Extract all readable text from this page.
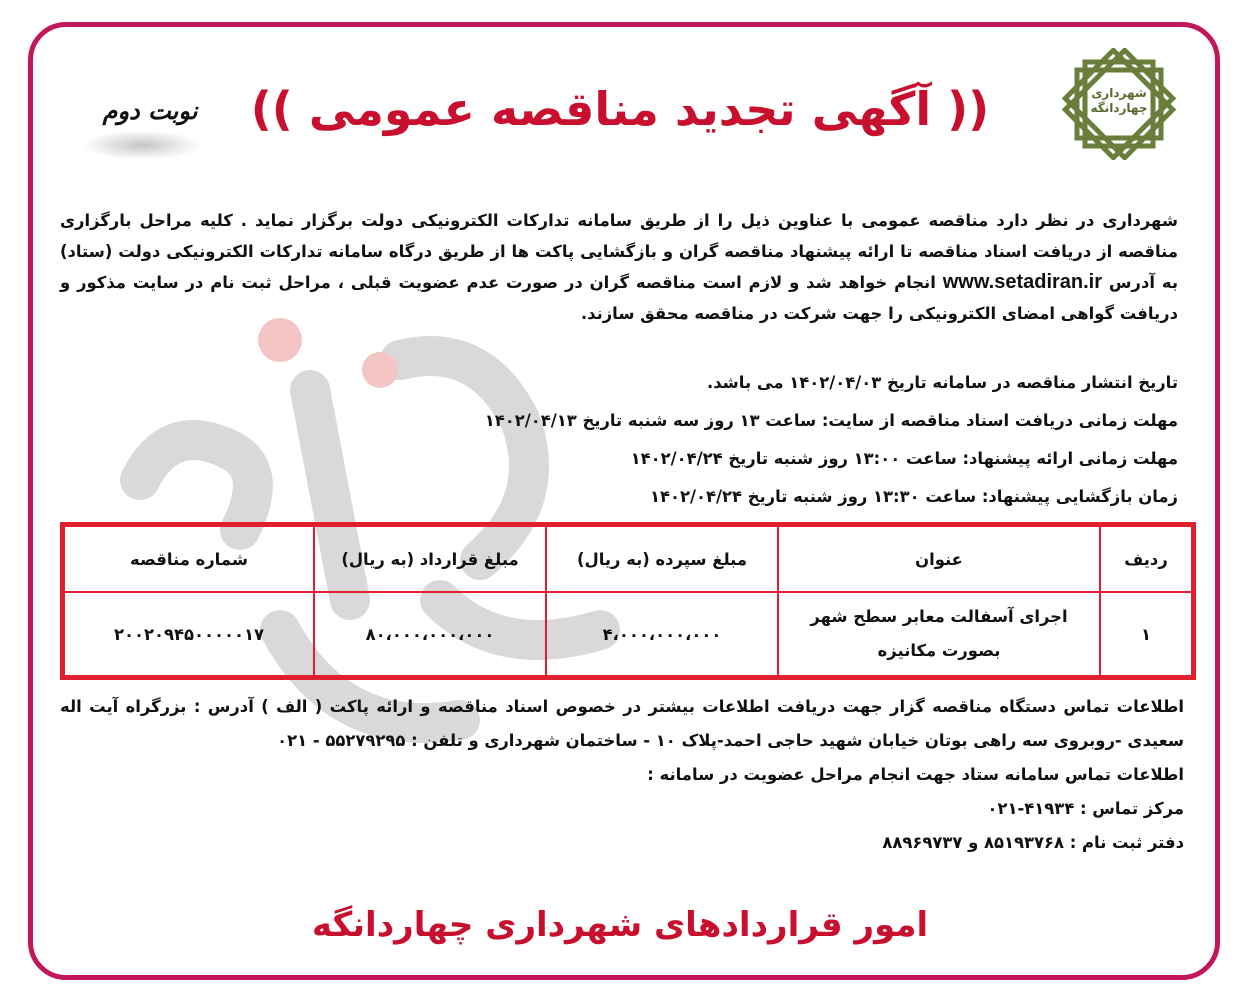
شهرداری
چهاردانگه
(( آگهی تجدید مناقصه عمومی ))
نوبت دوم
شهرداری در نظر دارد مناقصه عمومی با عناوین ذیل را از طریق سامانه تدارکات الکترونیکی دولت برگزار نماید . کلیه مراحل بارگزاری مناقصه از دریافت اسناد مناقصه تا ارائه پیشنهاد مناقصه گران و بازگشایی پاکت ها از طریق درگاه سامانه تدارکات الکترونیکی دولت (ستاد) به آدرس www.setadiran.ir انجام خواهد شد و لازم است مناقصه گران در صورت عدم عضویت قبلی ، مراحل ثبت نام در سایت مذکور و دریافت گواهی امضای الکترونیکی را جهت شرکت در مناقصه محقق سازند.
تاریخ انتشار مناقصه در سامانه تاریخ ۱۴۰۲/۰۴/۰۳ می باشد.
مهلت زمانی دریافت اسناد مناقصه از سایت: ساعت ۱۳ روز سه شنبه تاریخ ۱۴۰۲/۰۴/۱۳
مهلت زمانی ارائه پیشنهاد: ساعت ۱۳:۰۰ روز شنبه تاریخ ۱۴۰۲/۰۴/۲۴
زمان بازگشایی پیشنهاد: ساعت ۱۳:۳۰ روز شنبه تاریخ ۱۴۰۲/۰۴/۲۴
ردیف	عنوان	مبلغ سپرده (به ریال)	مبلغ قرارداد (به ریال)	شماره مناقصه
۱	اجرای آسفالت معابر سطح شهر بصورت مکانیزه	۴،۰۰۰،۰۰۰،۰۰۰	۸۰،۰۰۰،۰۰۰،۰۰۰	۲۰۰۲۰۹۴۵۰۰۰۰۰۱۷
اطلاعات تماس دستگاه مناقصه گزار جهت دریافت اطلاعات بیشتر در خصوص اسناد مناقصه و ارائه پاکت ( الف ) آدرس : بزرگراه آیت اله سعیدی -روبروی سه راهی بوتان خیابان شهید حاجی احمد-پلاک ۱۰ - ساختمان شهرداری و تلفن : ۵۵۲۷۹۲۹۵ - ۰۲۱
اطلاعات تماس سامانه ستاد جهت انجام مراحل عضویت در سامانه :
مرکز تماس : ۴۱۹۳۴-۰۲۱
دفتر ثبت نام : ۸۵۱۹۳۷۶۸ و ۸۸۹۶۹۷۳۷
امور قراردادهای شهرداری چهاردانگه
